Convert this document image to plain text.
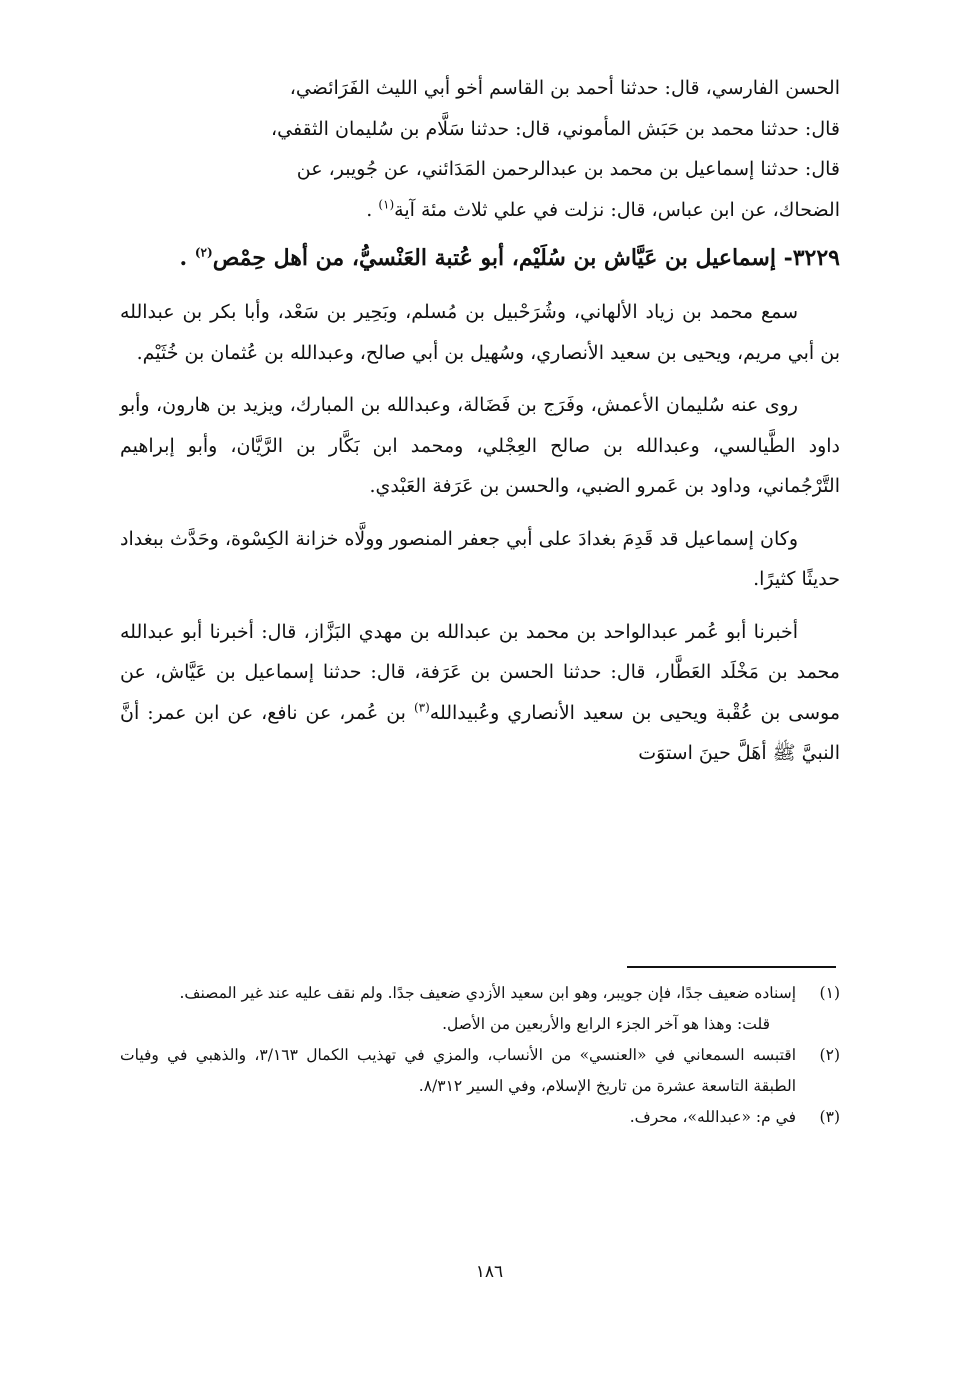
الحسن الفارسي، قال: حدثنا أحمد بن القاسم أخو أبي الليث الفَرَائضي،

قال: حدثنا محمد بن حَبَش المأموني، قال: حدثنا سَلَّام بن سُليمان الثقفي،

قال: حدثنا إسماعيل بن محمد بن عبدالرحمن المَدَائني، عن جُويبر، عن

الضحاك، عن ابن عباس، قال: نزلت في علي ثلاث مئة آية$^{(١)}$ .

٣٢٢٩- إسماعيل بن عَيَّاش بن سُلَيْم، أبو عُتبة العَنْسيُّ، من أهل حِمْص$^{(٢)}$ .

سمع محمد بن زياد الألهاني، وشُرَحْبيل بن مُسلم، وبَحِير بن سَعْد، وأبا بكر بن عبدالله بن أبي مريم، ويحيى بن سعيد الأنصاري، وسُهيل بن أبي صالح، وعبدالله بن عُثمان بن خُثَيْم.

روى عنه سُليمان الأعمش، وفَرَج بن فَضَالة، وعبدالله بن المبارك، ويزيد بن هارون، وأبو داود الطَّيالسي، وعبدالله بن صالح العِجْلي، ومحمد ابن بَكَّار بن الرَّيَّان، وأبو إبراهيم التَّرْجُماني، وداود بن عَمرو الضبي، والحسن بن عَرَفة العَبْدي.

وكان إسماعيل قد قَدِمَ بغدادَ على أبي جعفر المنصور وولَّاه خزانة الكِسْوة، وحَدَّث ببغداد حديثًا كثيرًا.

أخبرنا أبو عُمر عبدالواحد بن محمد بن عبدالله بن مهدي البَزَّاز، قال: أخبرنا أبو عبدالله محمد بن مَخْلَد العَطَّار، قال: حدثنا الحسن بن عَرَفة، قال: حدثنا إسماعيل بن عَيَّاش، عن موسى بن عُقْبة ويحيى بن سعيد الأنصاري وعُبيدالله$^{(٣)}$ بن عُمر، عن نافع، عن ابن عمر: أنَّ النبيَّ ﷺ أهَلَّ حينَ استوَت

(١)
إسناده ضعيف جدًا، فإن جويبر، وهو ابن سعيد الأزدي ضعيف جدًا. ولم نقف عليه عند غير المصنف.
قلت: وهذا هو آخر الجزء الرابع والأربعين من الأصل.
(٢)
اقتبسه السمعاني في «العنسي» من الأنساب، والمزي في تهذيب الكمال ٣/١٦٣، والذهبي في وفيات الطبقة التاسعة عشرة من تاريخ الإسلام، وفي السير ٨/٣١٢.
(٣)
في م: «عبدالله»، محرف.
١٨٦
